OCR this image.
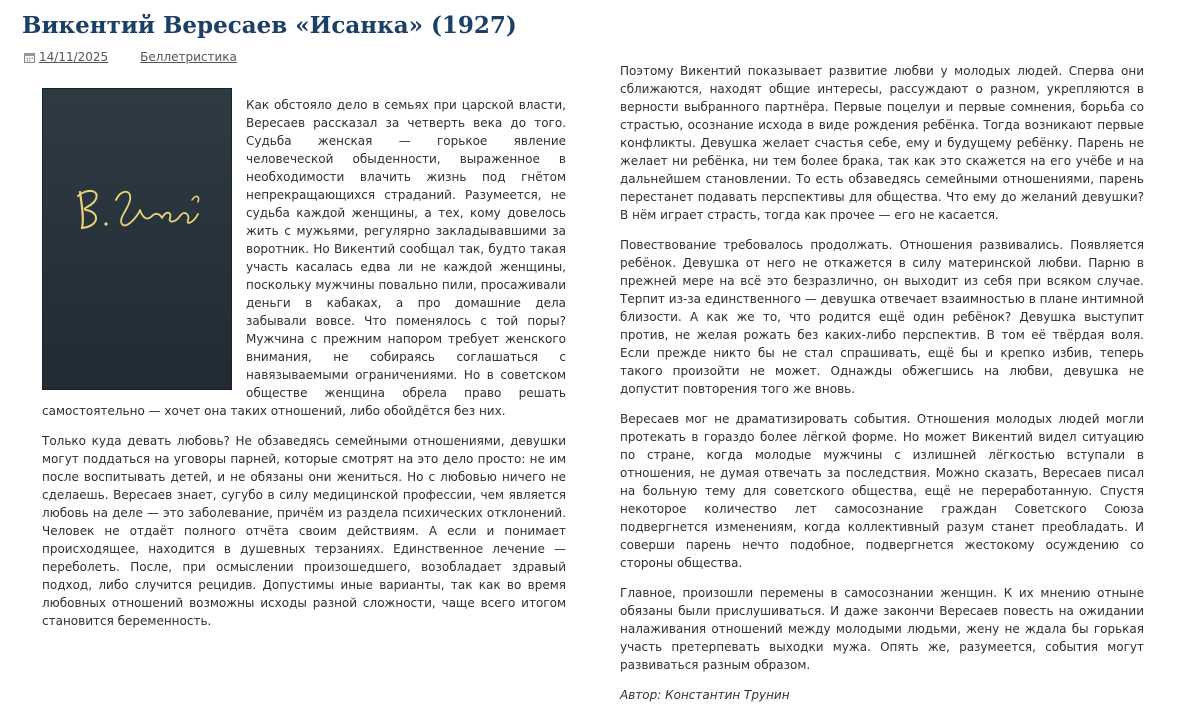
Викентий Вересаев «Исанка» (1927)
14/11/2025	Беллетристика

Как обстояло дело в семьях при царской власти, Вересаев рассказал за четверть века до того. Судьба женская — горькое явление человеческой обыденности, выраженное в необходимости влачить жизнь под гнётом непрекращающихся страданий. Разумеется, не судьба каждой женщины, а тех, кому довелось жить с мужьями, регулярно закладывавшими за воротник. Но Викентий сообщал так, будто такая участь касалась едва ли не каждой женщины, поскольку мужчины повально пили, просаживали деньги в кабаках, а про домашние дела забывали вовсе. Что поменялось с той поры? Мужчина с прежним напором требует женского внимания, не собираясь соглашаться с навязываемыми ограничениями. Но в советском обществе женщина обрела право решать самостоятельно — хочет она таких отношений, либо обойдётся без них.

Только куда девать любовь? Не обзаведясь семейными отношениями, девушки могут поддаться на уговоры парней, которые смотрят на это дело просто: не им после воспитывать детей, и не обязаны они жениться. Но с любовью ничего не сделаешь. Вересаев знает, сугубо в силу медицинской профессии, чем является любовь на деле — это заболевание, причём из раздела психических отклонений. Человек не отдаёт полного отчёта своим действиям. А если и понимает происходящее, находится в душевных терзаниях. Единственное лечение — переболеть. После, при осмыслении произошедшего, возобладает здравый подход, либо случится рецидив. Допустимы иные варианты, так как во время любовных отношений возможны исходы разной сложности, чаще всего итогом становится беременность.

Поэтому Викентий показывает развитие любви у молодых людей. Сперва они сближаются, находят общие интересы, рассуждают о разном, укрепляются в верности выбранного партнёра. Первые поцелуи и первые сомнения, борьба со страстью, осознание исхода в виде рождения ребёнка. Тогда возникают первые конфликты. Девушка желает счастья себе, ему и будущему ребёнку. Парень не желает ни ребёнка, ни тем более брака, так как это скажется на его учёбе и на дальнейшем становлении. То есть обзаведясь семейными отношениями, парень перестанет подавать перспективы для общества. Что ему до желаний девушки? В нём играет страсть, тогда как прочее — его не касается.

Повествование требовалось продолжать. Отношения развивались. Появляется ребёнок. Девушка от него не откажется в силу материнской любви. Парню в прежней мере на всё это безразлично, он выходит из себя при всяком случае. Терпит из-за единственного — девушка отвечает взаимностью в плане интимной близости. А как же то, что родится ещё один ребёнок? Девушка выступит против, не желая рожать без каких-либо перспектив. В том её твёрдая воля. Если прежде никто бы не стал спрашивать, ещё бы и крепко избив, теперь такого произойти не может. Однажды обжегшись на любви, девушка не допустит повторения того же вновь.

Вересаев мог не драматизировать события. Отношения молодых людей могли протекать в гораздо более лёгкой форме. Но может Викентий видел ситуацию по стране, когда молодые мужчины с излишней лёгкостью вступали в отношения, не думая отвечать за последствия. Можно сказать, Вересаев писал на больную тему для советского общества, ещё не переработанную. Спустя некоторое количество лет самосознание граждан Советского Союза подвергнется изменениям, когда коллективный разум станет преобладать. И соверши парень нечто подобное, подвергнется жестокому осуждению со стороны общества.

Главное, произошли перемены в самосознании женщин. К их мнению отныне обязаны были прислушиваться. И даже закончи Вересаев повесть на ожидании налаживания отношений между молодыми людьми, жену не ждала бы горькая участь претерпевать выходки мужа. Опять же, разумеется, события могут развиваться разным образом.

Автор: Константин Трунин
